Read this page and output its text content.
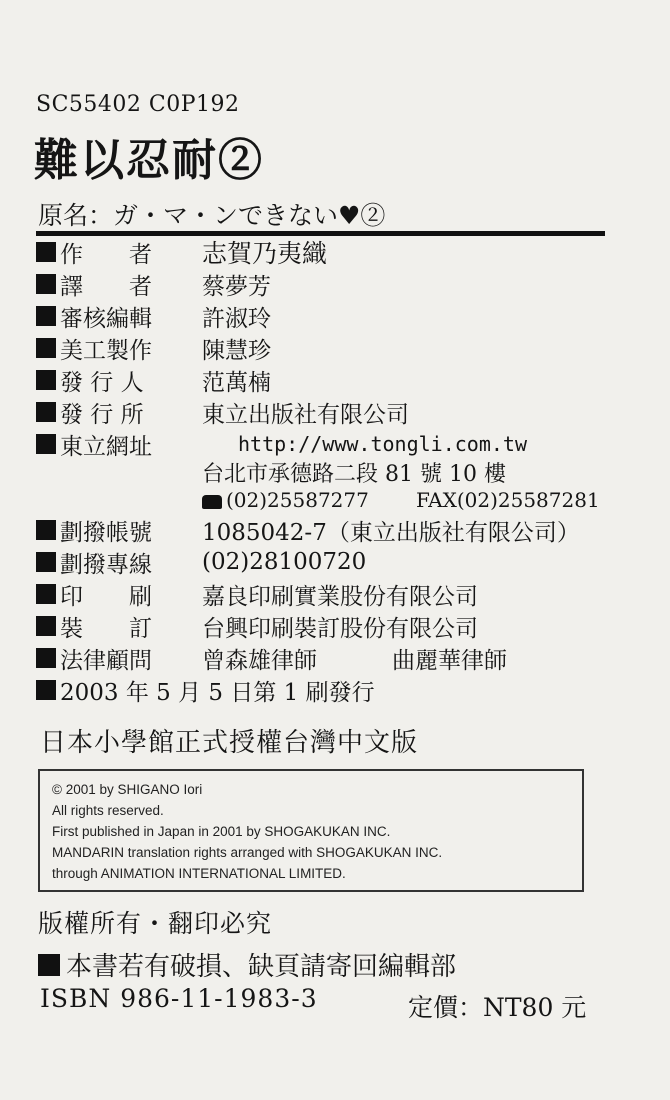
SC55402 C0P192
難以忍耐②
原名：ガ・マ・ンできない♥②
作　　者	志賀乃夷織
譯　　者	蔡夢芳
審核編輯	許淑玲
美工製作	陳慧珍
發 行 人	范萬楠
發 行 所	東立出版社有限公司
東立網址	http://www.tongli.com.tw
台北市承德路二段 81 號 10 樓
(02)25587277 FAX(02)25587281
劃撥帳號	1085042-7（東立出版社有限公司）
劃撥專線	(02)28100720
印　　刷	嘉良印刷實業股份有限公司
裝　　訂	台興印刷裝訂股份有限公司
法律顧問	曾森雄律師	曲麗華律師
2003 年 5 月 5 日第 1 刷發行
日本小學館正式授權台灣中文版
© 2001 by SHIGANO Iori
All rights reserved.
First published in Japan in 2001 by SHOGAKUKAN INC.
MANDARIN translation rights arranged with SHOGAKUKAN INC.
through ANIMATION INTERNATIONAL LIMITED.
版權所有・翻印必究
本書若有破損、缺頁請寄回編輯部
ISBN 986-11-1983-3	定價：NT80 元
